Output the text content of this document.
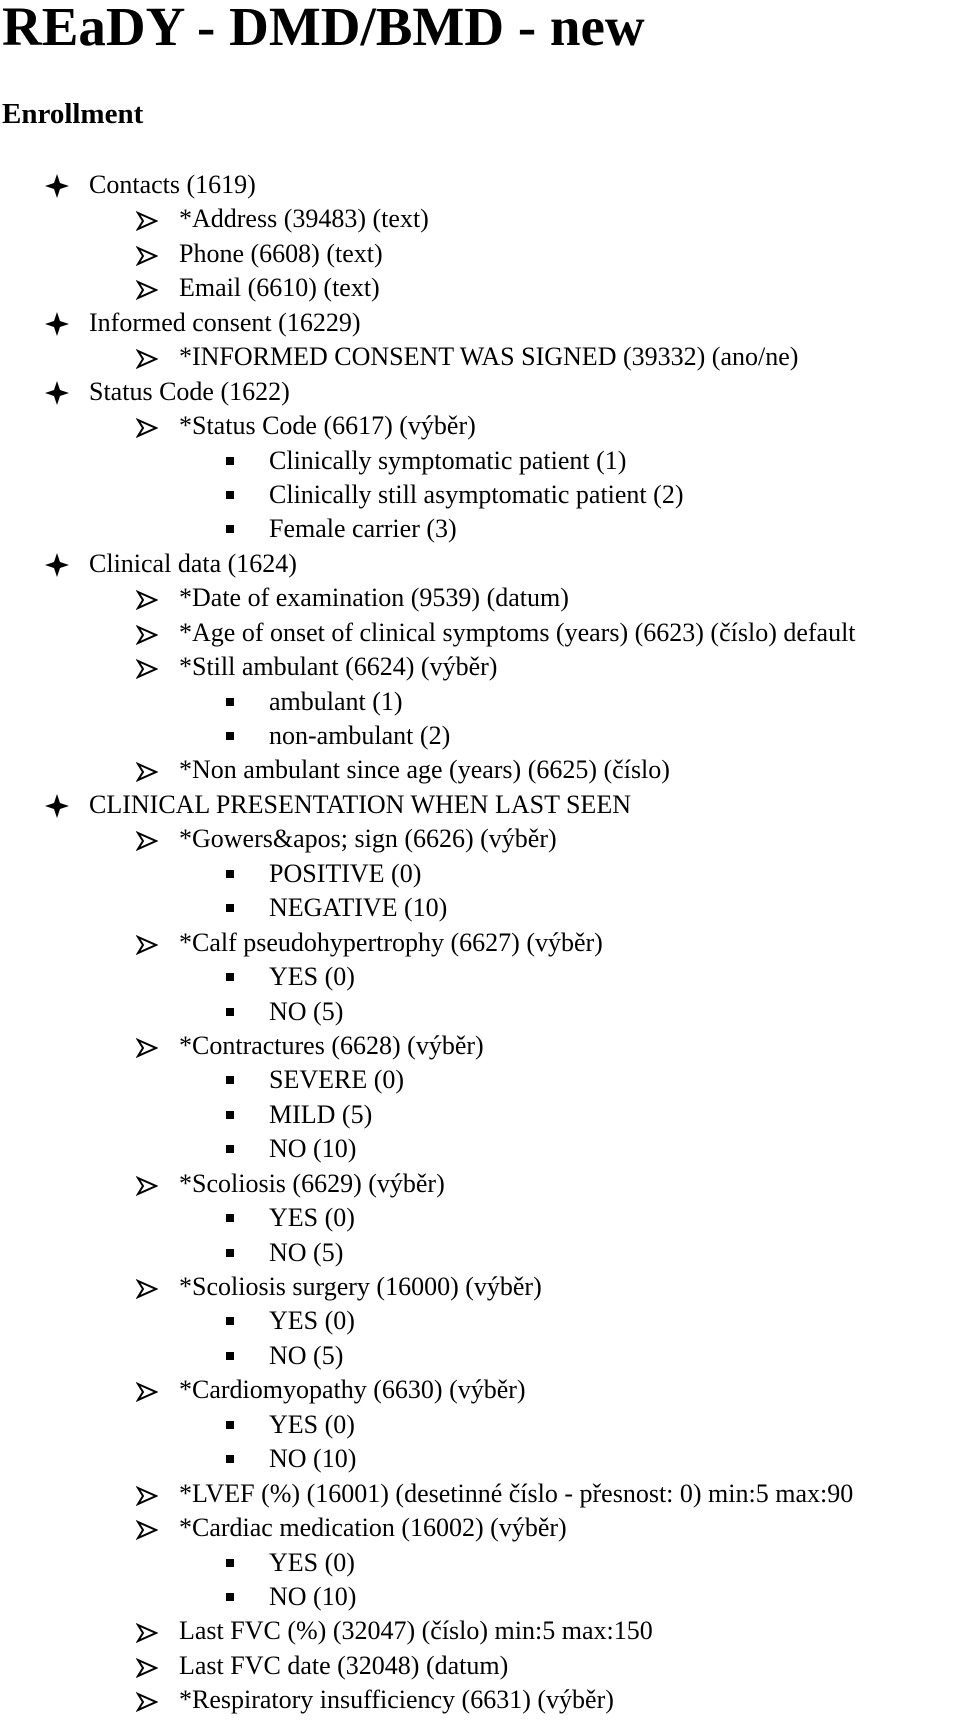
REaDY - DMD/BMD - new
Enrollment
Contacts (1619)
*Address (39483) (text)
Phone (6608) (text)
Email (6610) (text)
Informed consent (16229)
*INFORMED CONSENT WAS SIGNED (39332) (ano/ne)
Status Code (1622)
*Status Code (6617) (výběr)
Clinically symptomatic patient (1)
Clinically still asymptomatic patient (2)
Female carrier (3)
Clinical data (1624)
*Date of examination (9539) (datum)
*Age of onset of clinical symptoms (years) (6623) (číslo) default
*Still ambulant (6624) (výběr)
ambulant (1)
non-ambulant (2)
*Non ambulant since age (years) (6625) (číslo)
CLINICAL PRESENTATION WHEN LAST SEEN
*Gowers&apos; sign (6626) (výběr)
POSITIVE (0)
NEGATIVE (10)
*Calf pseudohypertrophy (6627) (výběr)
YES (0)
NO (5)
*Contractures (6628) (výběr)
SEVERE (0)
MILD (5)
NO (10)
*Scoliosis (6629) (výběr)
YES (0)
NO (5)
*Scoliosis surgery (16000) (výběr)
YES (0)
NO (5)
*Cardiomyopathy (6630) (výběr)
YES (0)
NO (10)
*LVEF (%) (16001) (desetinné číslo - přesnost: 0) min:5 max:90
*Cardiac medication (16002) (výběr)
YES (0)
NO (10)
Last FVC (%) (32047) (číslo) min:5 max:150
Last FVC date (32048) (datum)
*Respiratory insufficiency (6631) (výběr)
